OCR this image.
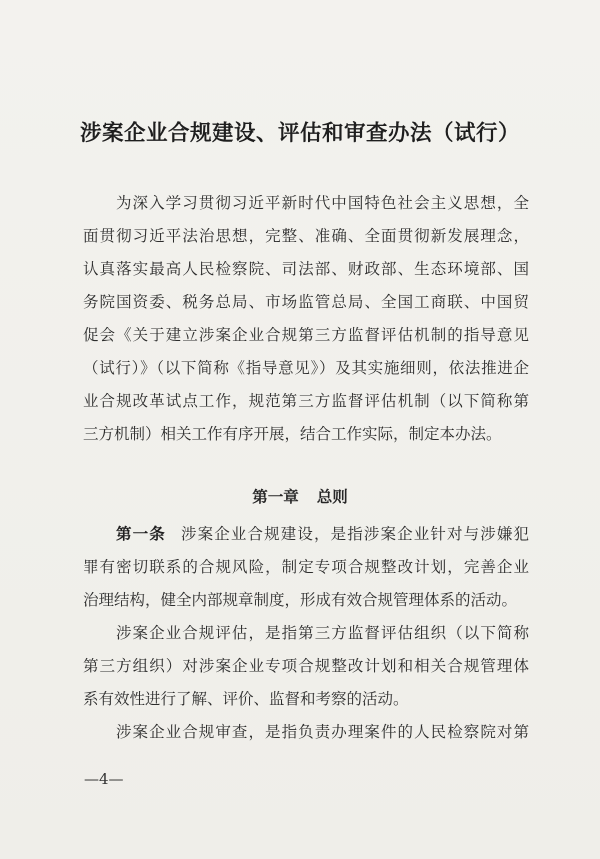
涉案企业合规建设、评估和审查办法（试行）
为深入学习贯彻习近平新时代中国特色社会主义思想，全
面贯彻习近平法治思想，完整、准确、全面贯彻新发展理念，
认真落实最高人民检察院、司法部、财政部、生态环境部、国
务院国资委、税务总局、市场监管总局、全国工商联、中国贸
促会《关于建立涉案企业合规第三方监督评估机制的指导意见
（试行）》（以下简称《指导意见》）及其实施细则，依法推进企
业合规改革试点工作，规范第三方监督评估机制（以下简称第
三方机制）相关工作有序开展，结合工作实际，制定本办法。
第一条 涉案企业合规建设，是指涉案企业针对与涉嫌犯
罪有密切联系的合规风险，制定专项合规整改计划，完善企业
治理结构，健全内部规章制度，形成有效合规管理体系的活动。
涉案企业合规评估，是指第三方监督评估组织（以下简称
第三方组织）对涉案企业专项合规整改计划和相关合规管理体
系有效性进行了解、评价、监督和考察的活动。
涉案企业合规审查，是指负责办理案件的人民检察院对第
第一章 总则
—4—
